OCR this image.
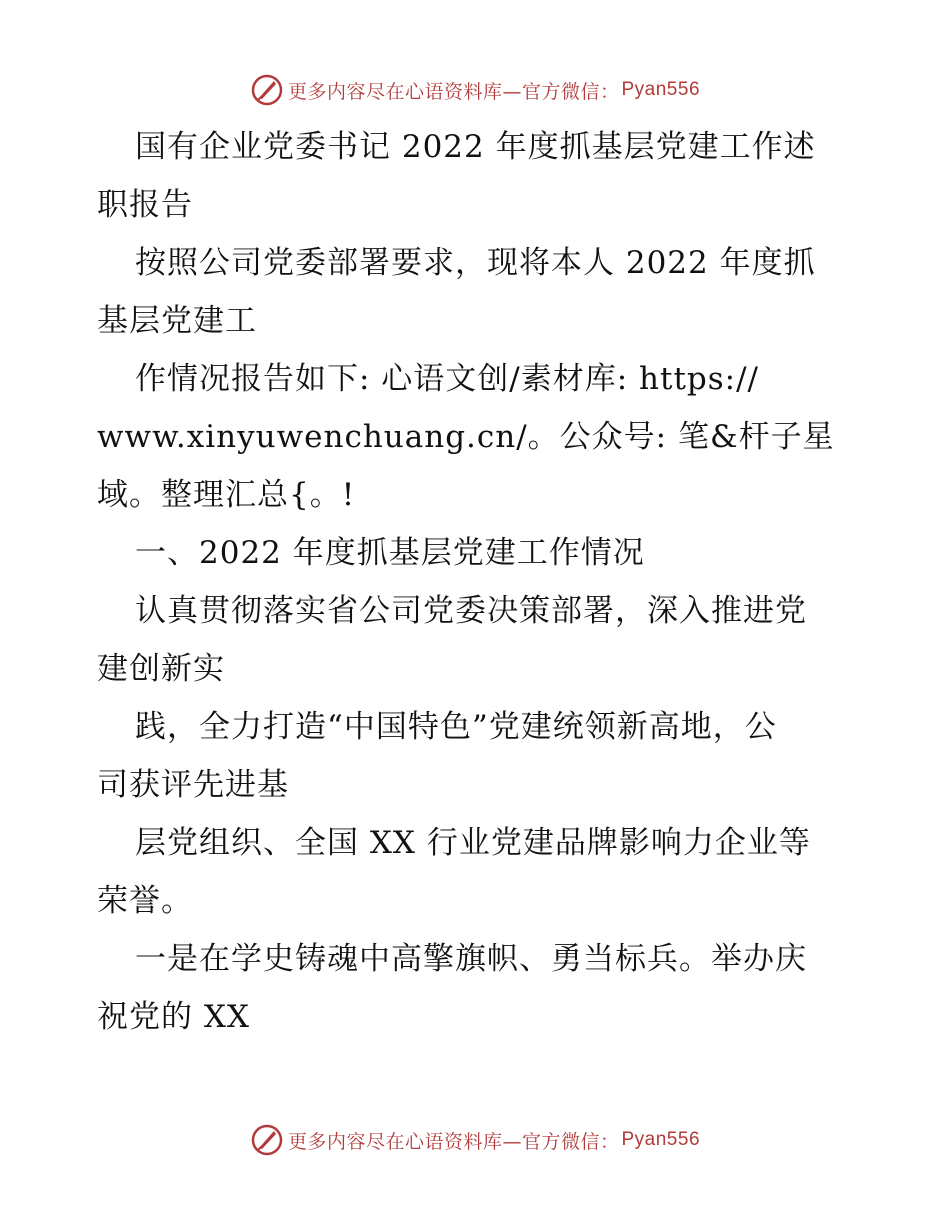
更多内容尽在心语资料库—官方微信： Pyan556
国有企业党委书记 2022 年度抓基层党建工作述
职报告
按照公司党委部署要求，现将本人 2022 年度抓
基层党建工
作情况报告如下: 心语文创/素材库: https://
www.xinyuwenchuang.cn/。公众号: 笔&杆子星
域。整理汇总{。!
一、2022 年度抓基层党建工作情况
认真贯彻落实省公司党委决策部署，深入推进党
建创新实
践，全力打造“中国特色”党建统领新高地，公
司获评先进基
层党组织、全国 XX 行业党建品牌影响力企业等
荣誉。
一是在学史铸魂中高擎旗帜、勇当标兵。举办庆
祝党的 XX
更多内容尽在心语资料库—官方微信： Pyan556
